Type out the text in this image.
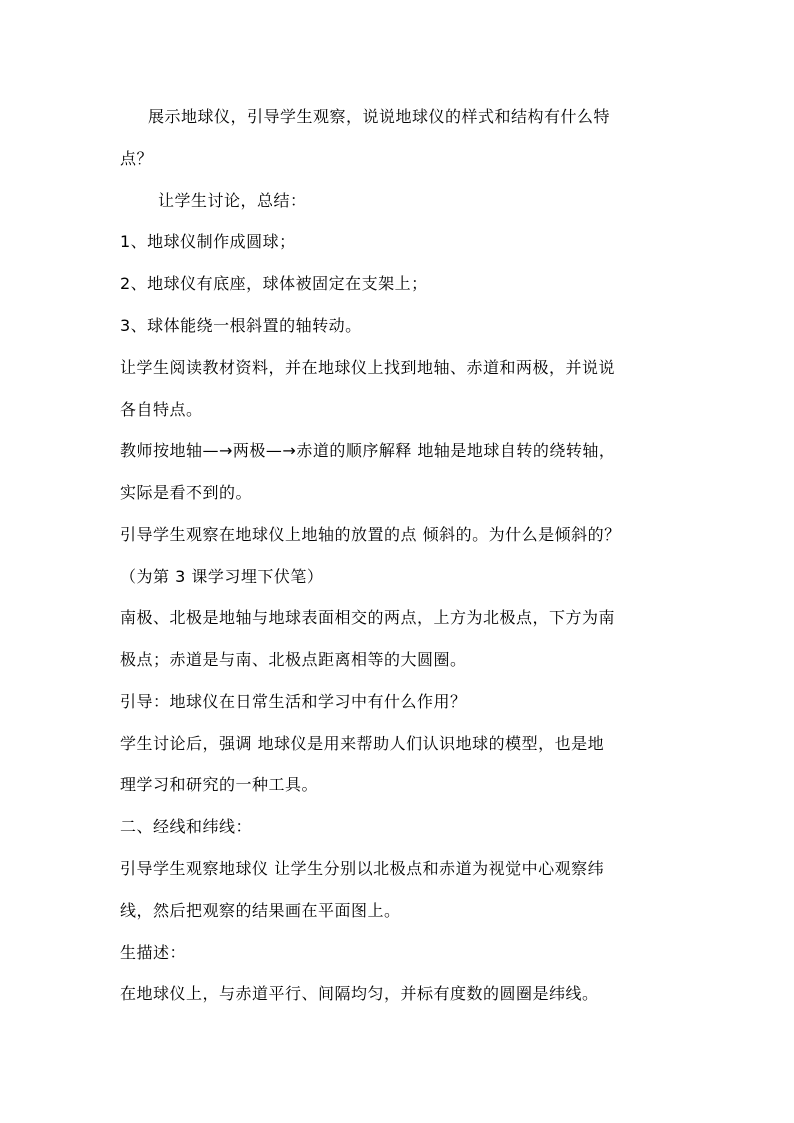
展示地球仪，引导学生观察，说说地球仪的样式和结构有什么特

点？

让学生讨论，总结：

1、地球仪制作成圆球；

2、地球仪有底座，球体被固定在支架上；

3、球体能绕一根斜置的轴转动。

让学生阅读教材资料，并在地球仪上找到地轴、赤道和两极，并说说

各自特点。

教师按地轴—→两极—→赤道的顺序解释 地轴是地球自转的绕转轴，

实际是看不到的。

引导学生观察在地球仪上地轴的放置的点 倾斜的。为什么是倾斜的？

（为第 3 课学习埋下伏笔）

南极、北极是地轴与地球表面相交的两点，上方为北极点，下方为南

极点；赤道是与南、北极点距离相等的大圆圈。

引导：地球仪在日常生活和学习中有什么作用？

学生讨论后，强调 地球仪是用来帮助人们认识地球的模型，也是地

理学习和研究的一种工具。

二、经线和纬线：

引导学生观察地球仪 让学生分别以北极点和赤道为视觉中心观察纬

线，然后把观察的结果画在平面图上。

生描述：

在地球仪上，与赤道平行、间隔均匀，并标有度数的圆圈是纬线。
